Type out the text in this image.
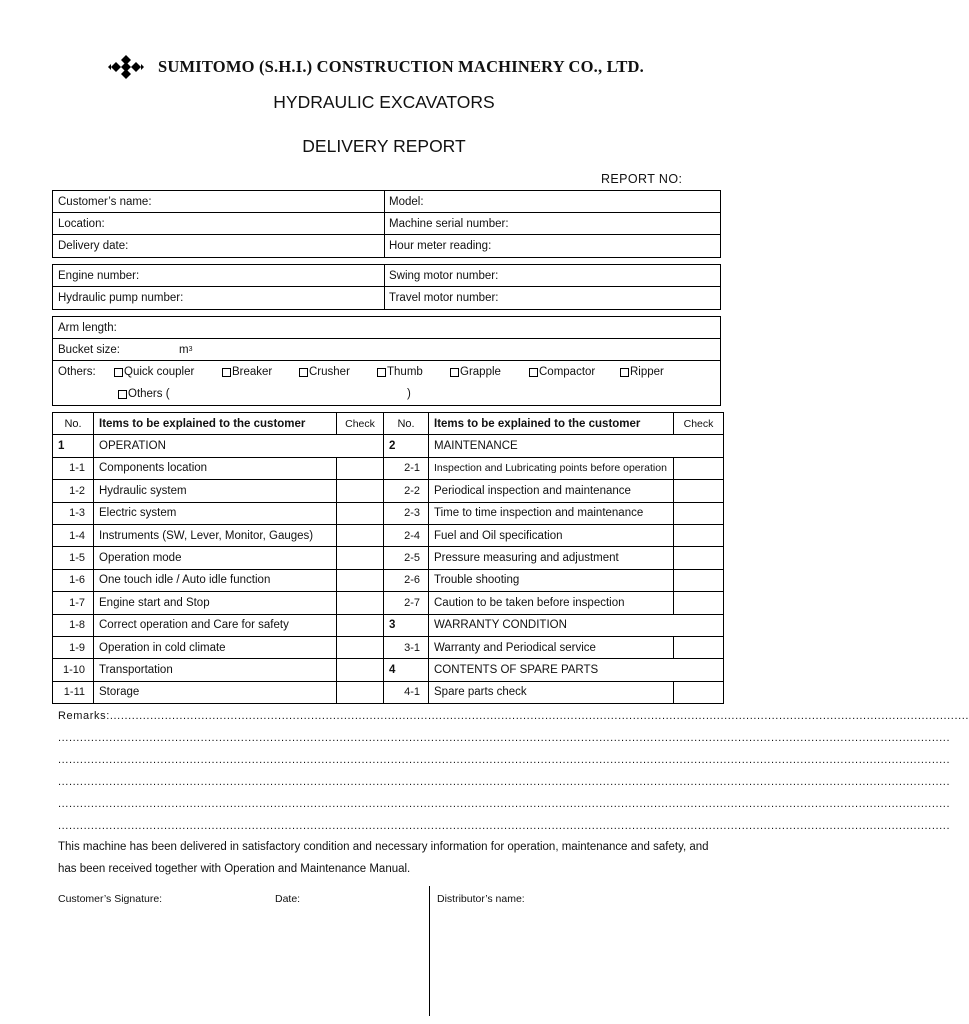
SUMITOMO (S.H.I.) CONSTRUCTION MACHINERY CO., LTD.
HYDRAULIC EXCAVATORS
DELIVERY REPORT
REPORT NO:
Customer’s name:	Model:
Location:	Machine serial number:
Delivery date:	Hour meter reading:
Engine number:	Swing motor number:
Hydraulic pump number:	Travel motor number:
Arm length:
Bucket size:	m 3
Others: Quick coupler	Breaker	Crusher	Thumb	Grapple	Compactor	Ripper
Others (	)
No.	Items to be explained to the customer	Check	No.	Items to be explained to the customer	Check
1	OPERATION		2	MAINTENANCE	
1-1	Components location		2-1	Inspection and Lubricating points before operation	
1-2	Hydraulic system		2-2	Periodical inspection and maintenance	
1-3	Electric system		2-3	Time to time inspection and maintenance	
1-4	Instruments (SW, Lever, Monitor, Gauges)		2-4	Fuel and Oil specification	
1-5	Operation mode		2-5	Pressure measuring and adjustment	
1-6	One touch idle / Auto idle function		2-6	Trouble shooting	
1-7	Engine start and Stop		2-7	Caution to be taken before inspection	
1-8	Correct operation and Care for safety		3	WARRANTY CONDITION	
1-9	Operation in cold climate		3-1	Warranty and Periodical service	
1-10	Transportation		4	CONTENTS OF SPARE PARTS	
1-11	Storage		4-1	Spare parts check	
Remarks:...........................................................................................................................................................................................................................................
....................................................................................................................................................................................................................................................
....................................................................................................................................................................................................................................................
....................................................................................................................................................................................................................................................
....................................................................................................................................................................................................................................................
....................................................................................................................................................................................................................................................
This machine has been delivered in satisfactory condition and necessary information for operation, maintenance and safety, and
has been received together with Operation and Maintenance Manual.
Customer’s Signature:	Date:	Distributor’s name:
